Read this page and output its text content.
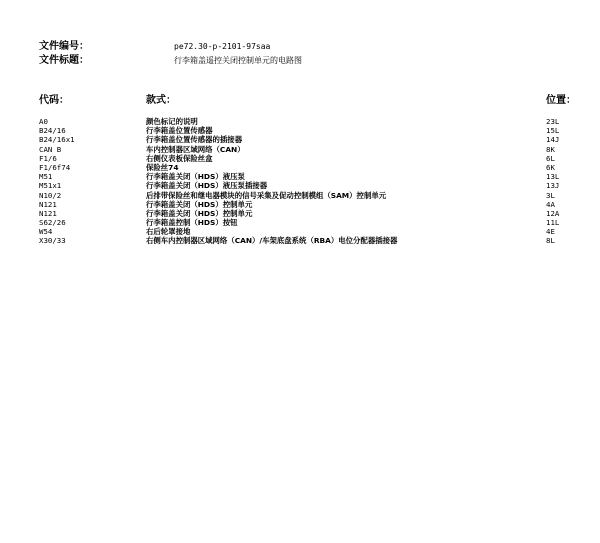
文件编号：	pe72.30-p-2101-97saa
文件标题：	行李箱盖遥控关闭控制单元的电路图
代码：	款式：	位置：
A0	颜色标记的说明	23L
B24/16	行李箱盖位置传感器	15L
B24/16x1	行李箱盖位置传感器的插接器	14J
CAN B	车内控制器区域网络（CAN）	8K
F1/6	右侧仪表板保险丝盒	6L
F1/6f74	保险丝74	6K
M51	行李箱盖关闭（HDS）液压泵	13L
M51x1	行李箱盖关闭（HDS）液压泵插接器	13J
N10/2	后排带保险丝和继电器模块的信号采集及促动控制模组（SAM）控制单元	3L
N121	行李箱盖关闭（HDS）控制单元	4A
N121	行李箱盖关闭（HDS）控制单元	12A
S62/26	行李箱盖控制（HDS）按钮	11L
W54	右后轮罩接地	4E
X30/33	右侧车内控制器区域网络（CAN）/车架底盘系统（RBA）电位分配器插接器	8L
